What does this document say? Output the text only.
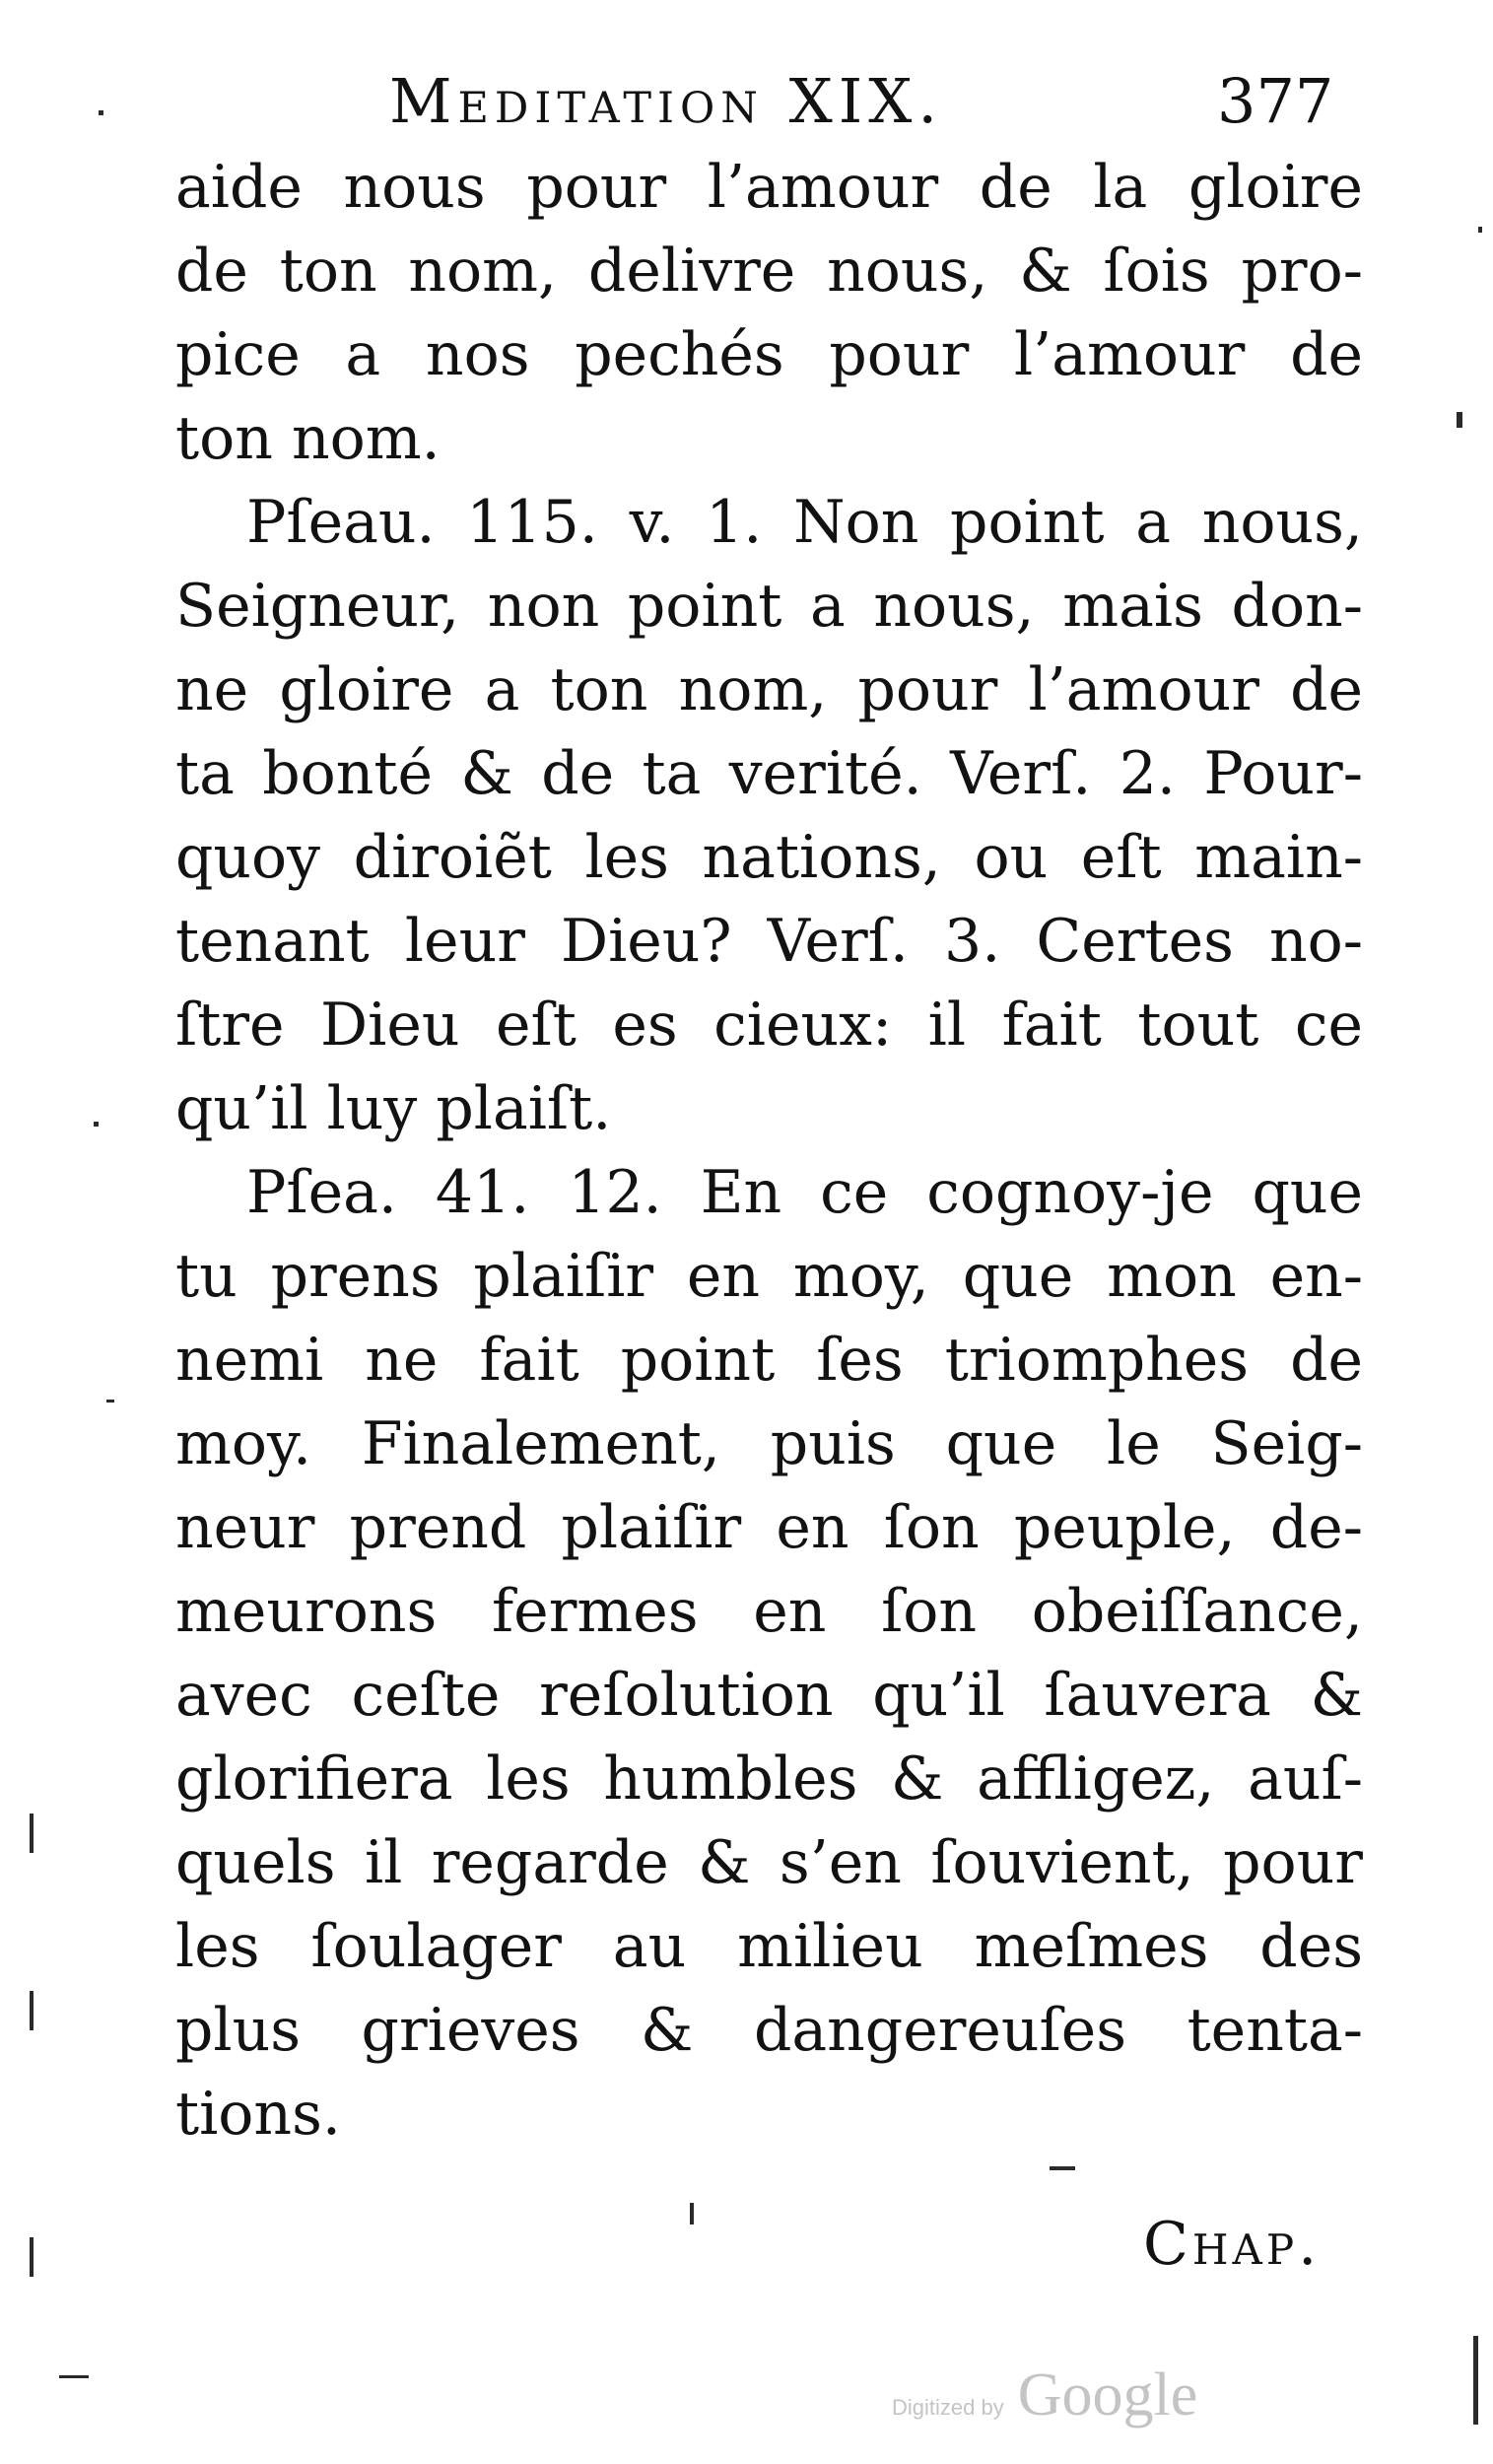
Meditation XIX.	377
aide nous pour l’amour de la gloire
de ton nom, delivre nous, & ſois pro-
pice a nos pechés pour l’amour de
ton nom.
Pſeau. 115. v. 1. Non point a nous,
Seigneur, non point a nous, mais don-
ne gloire a ton nom, pour l’amour de
ta bonté & de ta verité. Verſ. 2. Pour-
quoy diroiẽt les nations, ou eſt main-
tenant leur Dieu? Verſ. 3. Certes no-
ſtre Dieu eſt es cieux: il fait tout ce
qu’il luy plaiſt.
Pſea. 41. 12. En ce cognoy-je que
tu prens plaiſir en moy, que mon en-
nemi ne fait point ſes triomphes de
moy. Finalement, puis que le Seig-
neur prend plaiſir en ſon peuple, de-
meurons fermes en ſon obeiſſance,
avec ceſte reſolution qu’il ſauvera &
glorifiera les humbles & affligez, auſ-
quels il regarde & s’en ſouvient, pour
les ſoulager au milieu meſmes des
plus grieves & dangereuſes tenta-
tions.
Chap.
Digitized by Google
